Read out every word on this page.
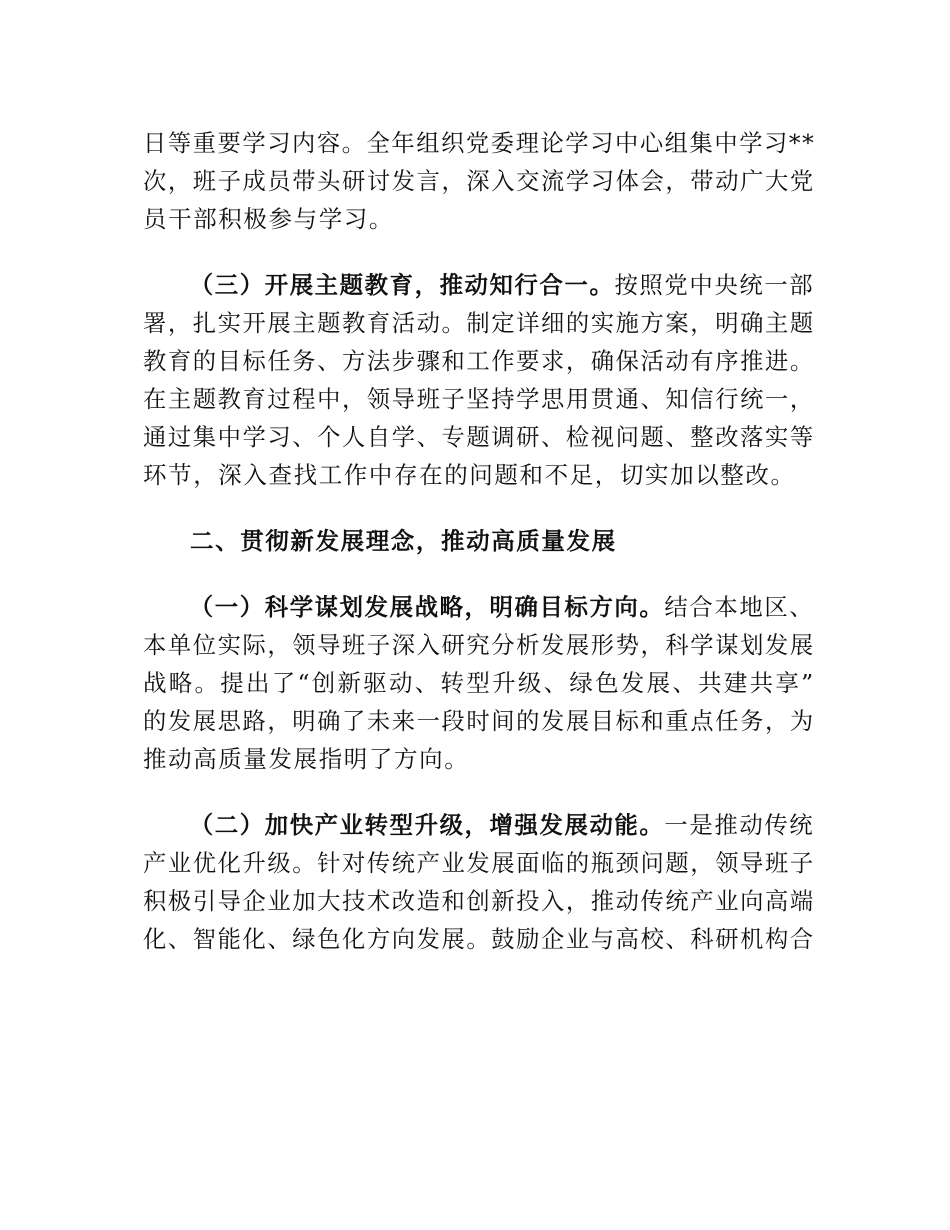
日等重要学习内容。全年组织党委理论学习中心组集中学习**
次，班子成员带头研讨发言，深入交流学习体会，带动广大党
员干部积极参与学习。
（三）开展主题教育，推动知行合一。按照党中央统一部
署，扎实开展主题教育活动。制定详细的实施方案，明确主题
教育的目标任务、方法步骤和工作要求，确保活动有序推进。
在主题教育过程中，领导班子坚持学思用贯通、知信行统一，
通过集中学习、个人自学、专题调研、检视问题、整改落实等
环节，深入查找工作中存在的问题和不足，切实加以整改。
二、贯彻新发展理念，推动高质量发展
（一）科学谋划发展战略，明确目标方向。结合本地区、
本单位实际，领导班子深入研究分析发展形势，科学谋划发展
战略。提出了“创新驱动、转型升级、绿色发展、共建共享”
的发展思路，明确了未来一段时间的发展目标和重点任务，为
推动高质量发展指明了方向。
（二）加快产业转型升级，增强发展动能。一是推动传统
产业优化升级。针对传统产业发展面临的瓶颈问题，领导班子
积极引导企业加大技术改造和创新投入，推动传统产业向高端
化、智能化、绿色化方向发展。鼓励企业与高校、科研机构合
